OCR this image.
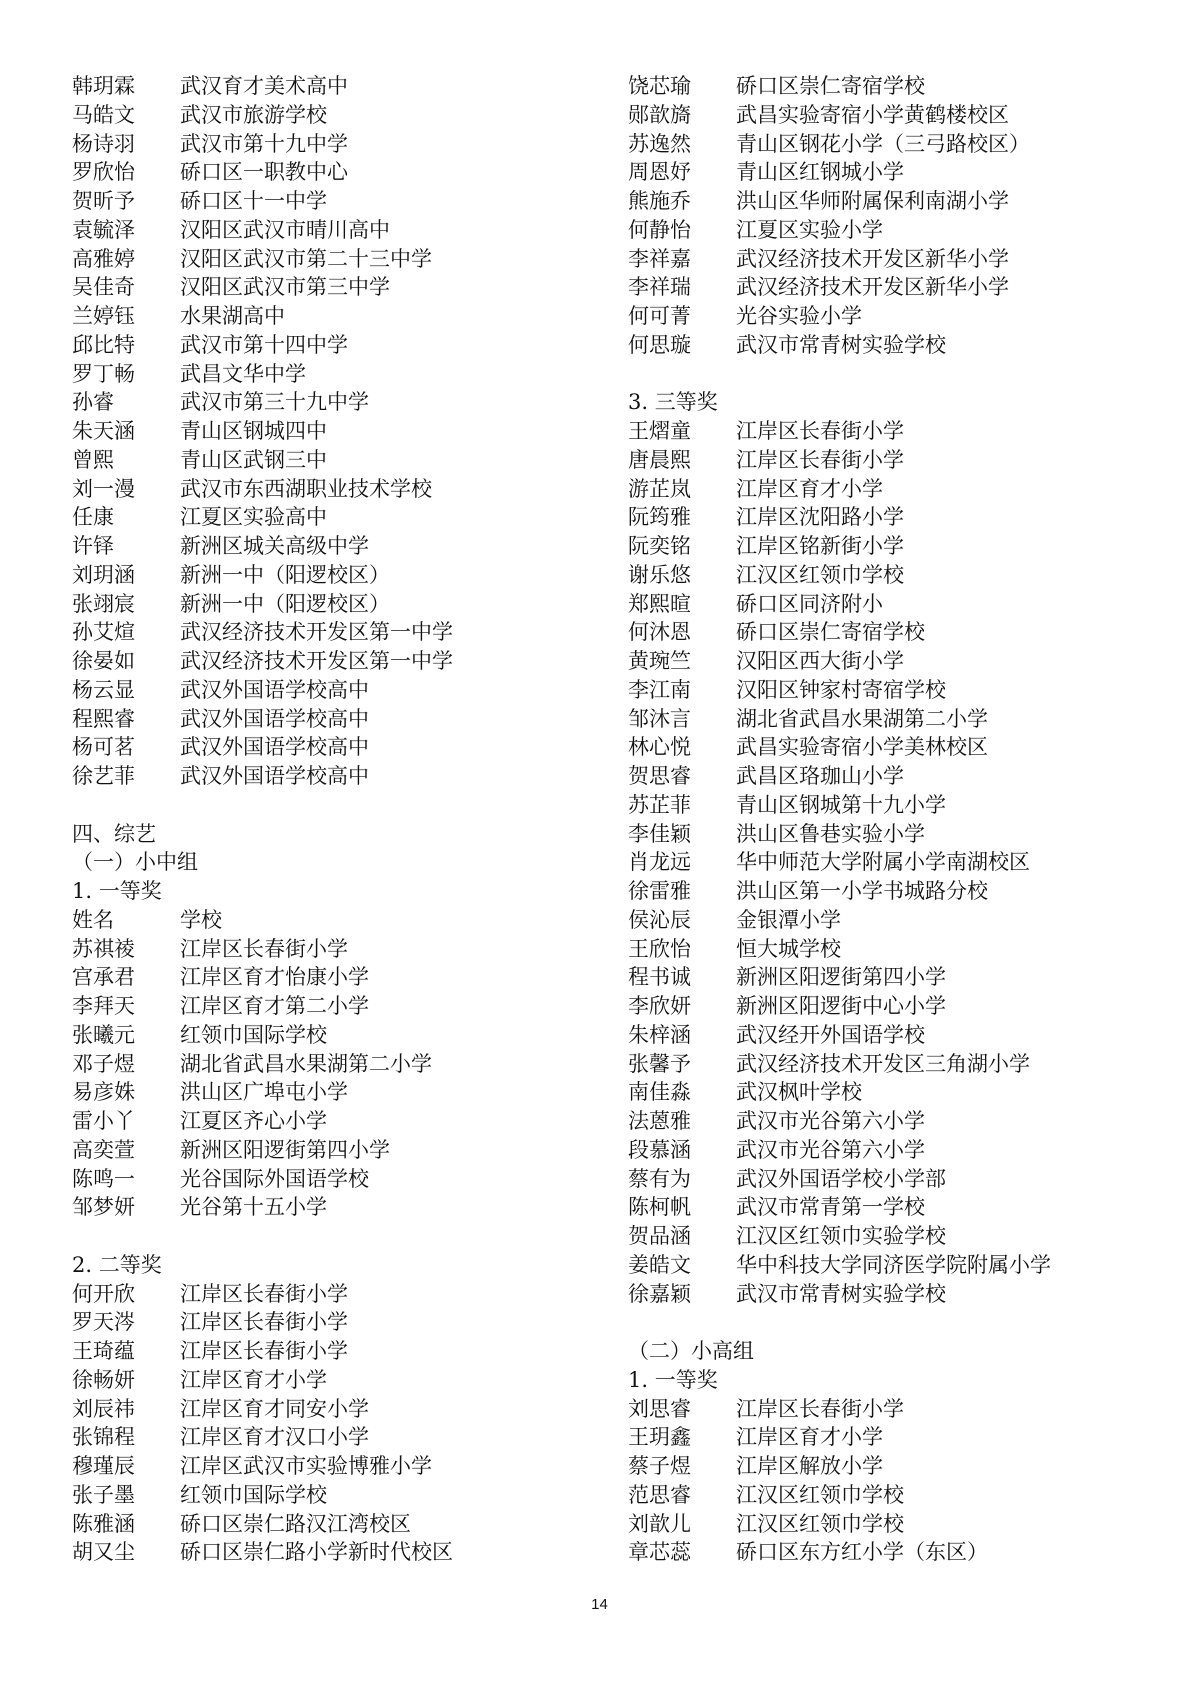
韩玥霖	武汉育才美术高中
马皓文	武汉市旅游学校
杨诗羽	武汉市第十九中学
罗欣怡	硚口区一职教中心
贺昕予	硚口区十一中学
袁毓泽	汉阳区武汉市晴川高中
高雅婷	汉阳区武汉市第二十三中学
吴佳奇	汉阳区武汉市第三中学
兰婷钰	水果湖高中
邱比特	武汉市第十四中学
罗丁畅	武昌文华中学
孙睿	武汉市第三十九中学
朱天涵	青山区钢城四中
曾熙	青山区武钢三中
刘一漫	武汉市东西湖职业技术学校
任康	江夏区实验高中
许铎	新洲区城关高级中学
刘玥涵	新洲一中（阳逻校区）
张翊宸	新洲一中（阳逻校区）
孙艾煊	武汉经济技术开发区第一中学
徐晏如	武汉经济技术开发区第一中学
杨云显	武汉外国语学校高中
程熙睿	武汉外国语学校高中
杨可茗	武汉外国语学校高中
徐艺菲	武汉外国语学校高中
四、综艺
（一）小中组
1. 一等奖
姓名	学校
苏祺祾	江岸区长春街小学
宫承君	江岸区育才怡康小学
李拜天	江岸区育才第二小学
张曦元	红领巾国际学校
邓子煜	湖北省武昌水果湖第二小学
易彦姝	洪山区广埠屯小学
雷小丫	江夏区齐心小学
高奕萱	新洲区阳逻街第四小学
陈鸣一	光谷国际外国语学校
邹梦妍	光谷第十五小学
2. 二等奖
何开欣	江岸区长春街小学
罗天涔	江岸区长春街小学
王琦蕴	江岸区长春街小学
徐畅妍	江岸区育才小学
刘辰祎	江岸区育才同安小学
张锦程	江岸区育才汉口小学
穆瑾辰	江岸区武汉市实验博雅小学
张子墨	红领巾国际学校
陈雅涵	硚口区崇仁路汉江湾校区
胡又尘	硚口区崇仁路小学新时代校区
饶芯瑜	硚口区崇仁寄宿学校
郧歆旖	武昌实验寄宿小学黄鹤楼校区
苏逸然	青山区钢花小学（三弓路校区）
周恩妤	青山区红钢城小学
熊施乔	洪山区华师附属保利南湖小学
何静怡	江夏区实验小学
李祥嘉	武汉经济技术开发区新华小学
李祥瑞	武汉经济技术开发区新华小学
何可菁	光谷实验小学
何思璇	武汉市常青树实验学校
3. 三等奖
王熠童	江岸区长春街小学
唐晨熙	江岸区长春街小学
游芷岚	江岸区育才小学
阮筠雅	江岸区沈阳路小学
阮奕铭	江岸区铭新街小学
谢乐悠	江汉区红领巾学校
郑熙暄	硚口区同济附小
何沐恩	硚口区崇仁寄宿学校
黄琬竺	汉阳区西大街小学
李江南	汉阳区钟家村寄宿学校
邹沐言	湖北省武昌水果湖第二小学
林心悦	武昌实验寄宿小学美林校区
贺思睿	武昌区珞珈山小学
苏芷菲	青山区钢城第十九小学
李佳颖	洪山区鲁巷实验小学
肖龙远	华中师范大学附属小学南湖校区
徐雷雅	洪山区第一小学书城路分校
侯沁辰	金银潭小学
王欣怡	恒大城学校
程书诚	新洲区阳逻街第四小学
李欣妍	新洲区阳逻街中心小学
朱梓涵	武汉经开外国语学校
张馨予	武汉经济技术开发区三角湖小学
南佳淼	武汉枫叶学校
法蒽雅	武汉市光谷第六小学
段慕涵	武汉市光谷第六小学
蔡有为	武汉外国语学校小学部
陈柯帆	武汉市常青第一学校
贺品涵	江汉区红领巾实验学校
姜皓文	华中科技大学同济医学院附属小学
徐嘉颖	武汉市常青树实验学校
（二）小高组
1. 一等奖
刘思睿	江岸区长春街小学
王玥鑫	江岸区育才小学
蔡子煜	江岸区解放小学
范思睿	江汉区红领巾学校
刘歆儿	江汉区红领巾学校
章芯蕊	硚口区东方红小学（东区）
14
